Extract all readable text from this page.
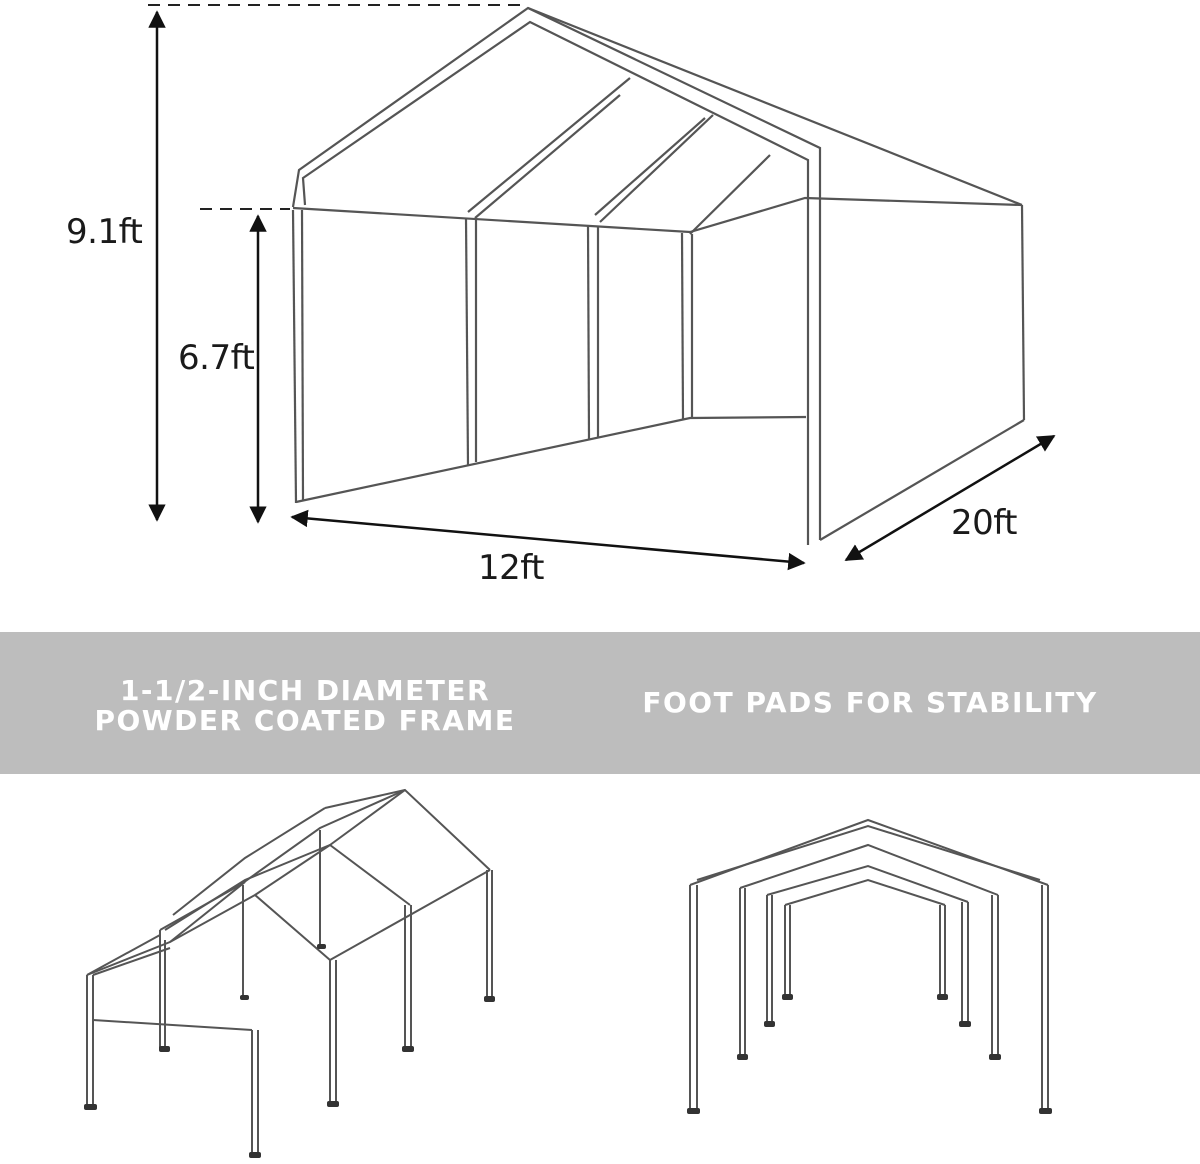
9.1ft
6.7ft
12ft
20ft
1-1/2-INCH DIAMETER
POWDER COATED FRAME
FOOT PADS FOR STABILITY
